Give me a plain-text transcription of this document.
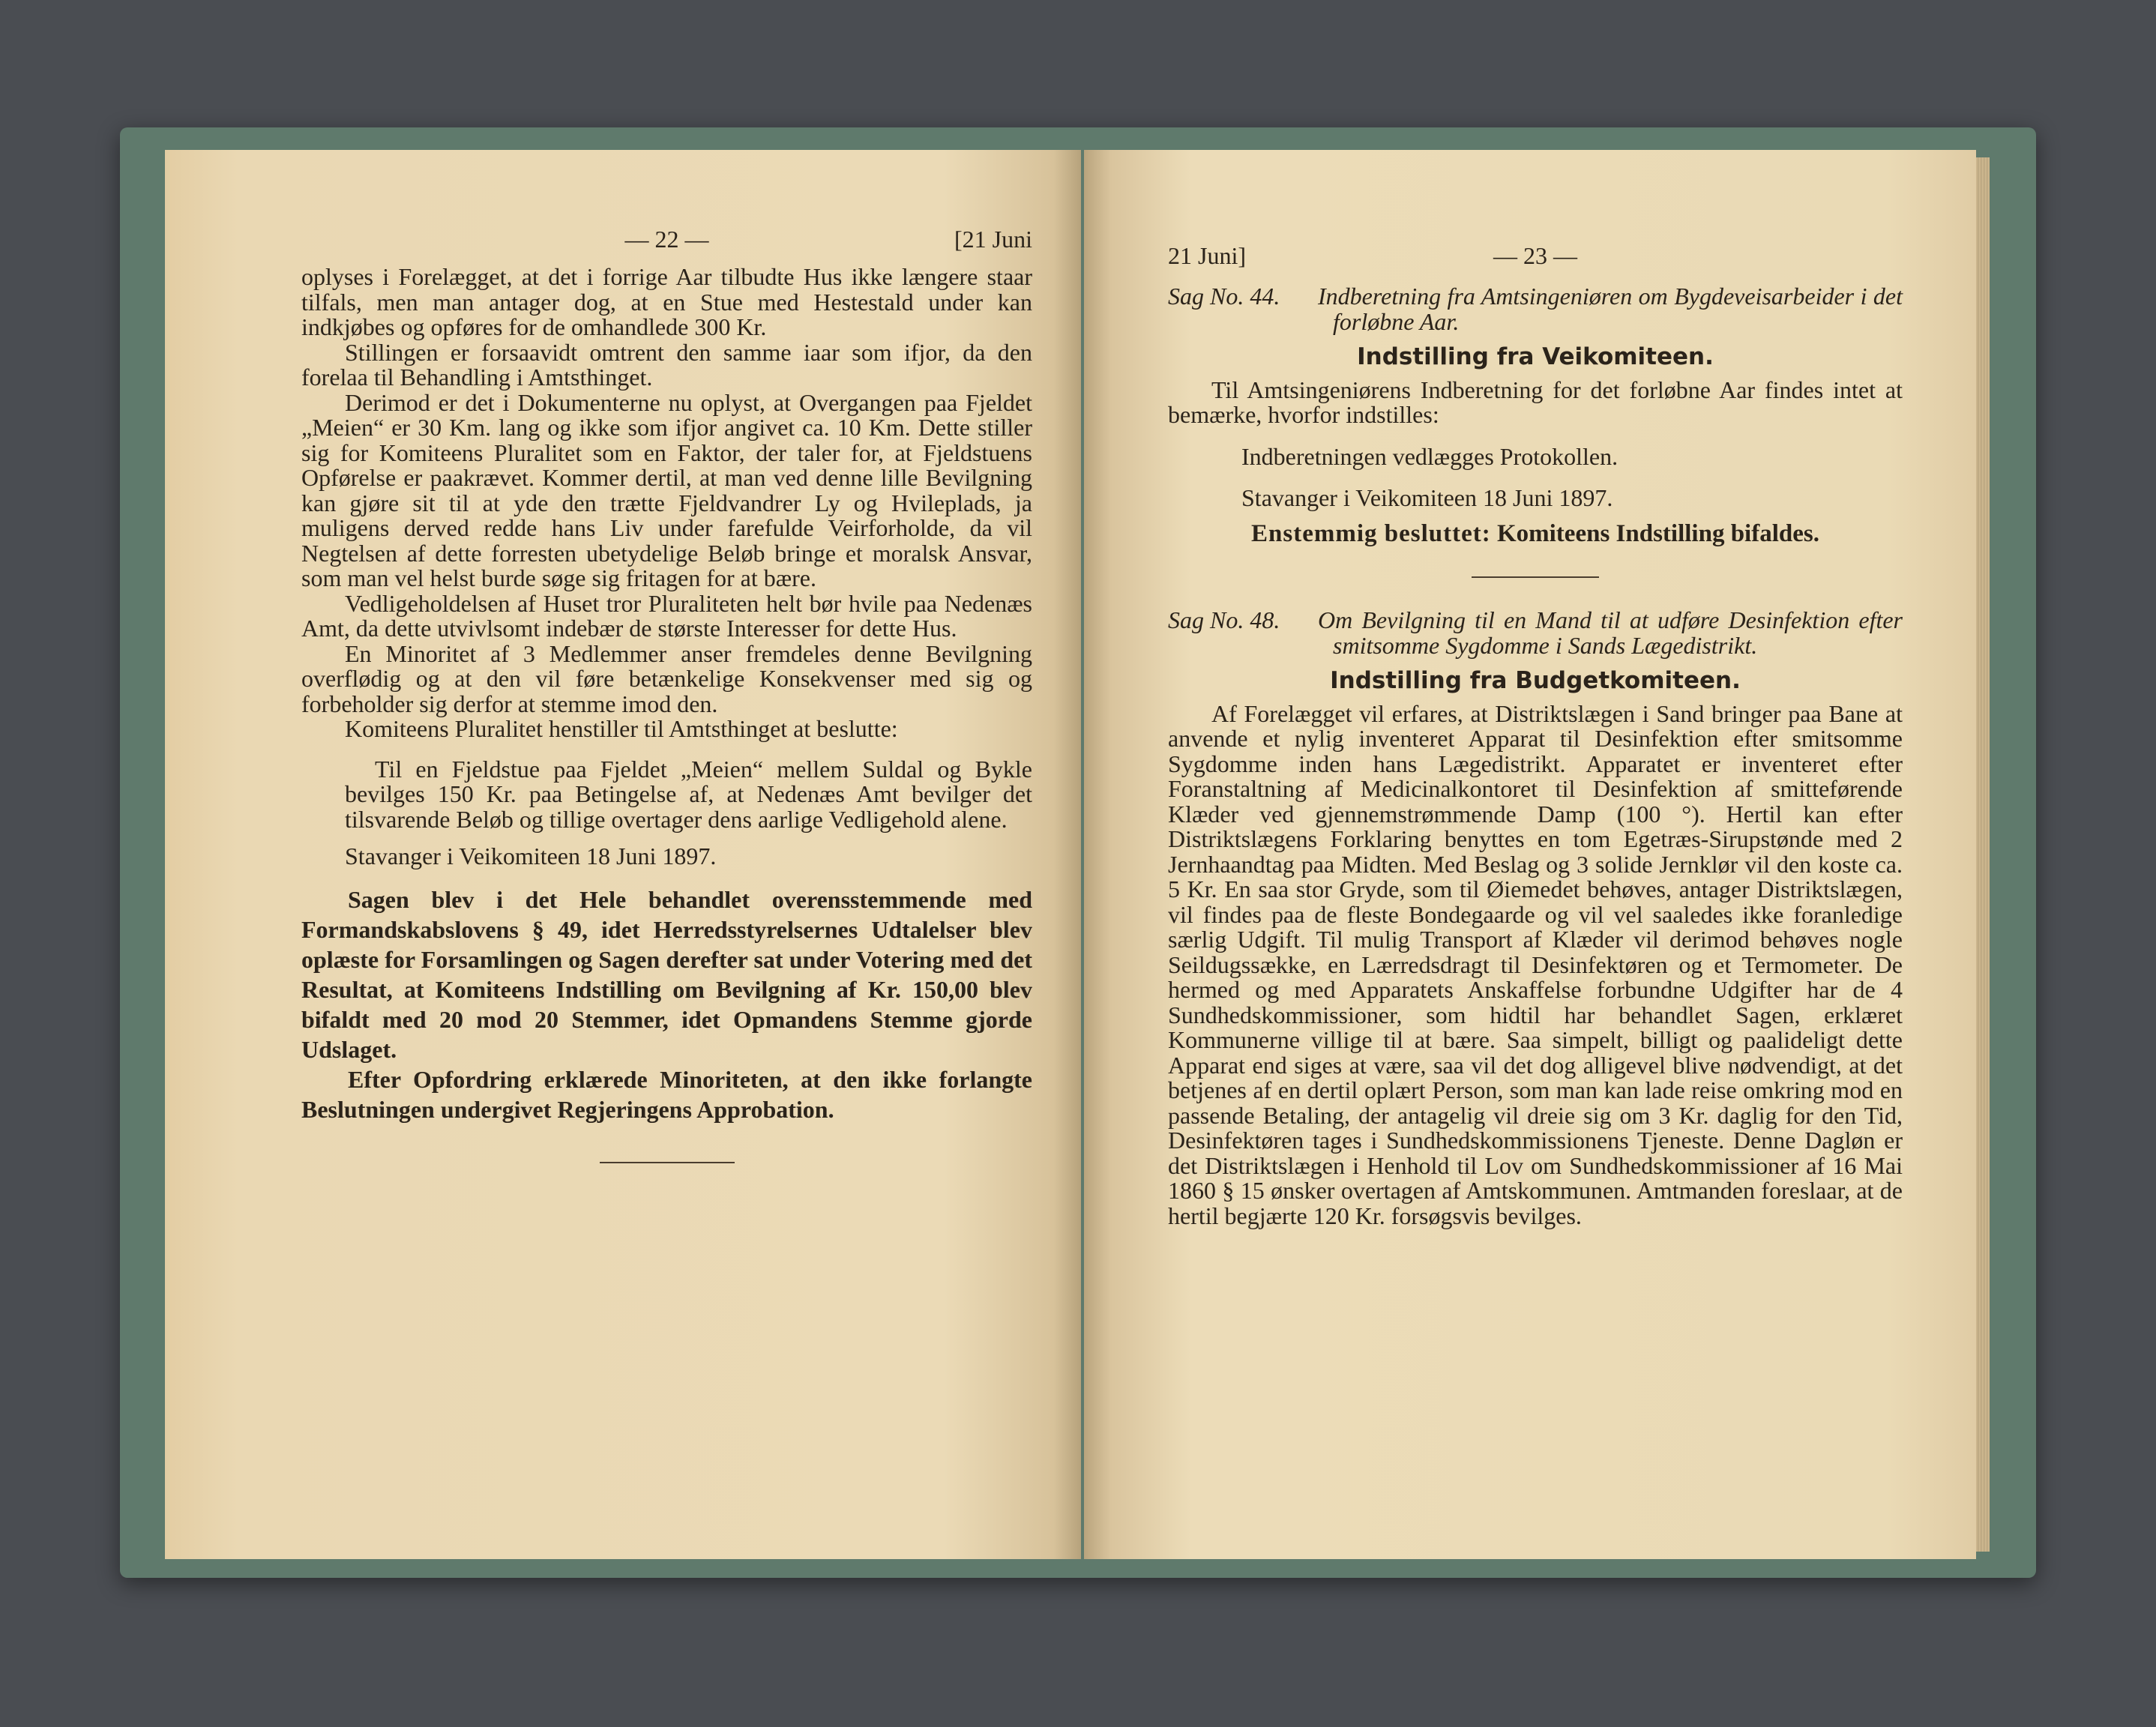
— 22 —	[21 Juni

oplyses i Forelægget, at det i forrige Aar tilbudte Hus ikke længere staar tilfals, men man antager dog, at en Stue med Hestestald under kan indkjøbes og opføres for de omhandlede 300 Kr.

Stillingen er forsaavidt omtrent den samme iaar som ifjor, da den forelaa til Behandling i Amtsthinget.

Derimod er det i Dokumenterne nu oplyst, at Overgangen paa Fjeldet „Meien“ er 30 Km. lang og ikke som ifjor angivet ca. 10 Km. Dette stiller sig for Komiteens Pluralitet som en Faktor, der taler for, at Fjeldstuens Opførelse er paakrævet. Kommer dertil, at man ved denne lille Bevilgning kan gjøre sit til at yde den trætte Fjeldvandrer Ly og Hvileplads, ja muligens derved redde hans Liv under farefulde Veirforholde, da vil Negtelsen af dette forresten ubetydelige Beløb bringe et moralsk Ansvar, som man vel helst burde søge sig fritagen for at bære.

Vedligeholdelsen af Huset tror Pluraliteten helt bør hvile paa Nedenæs Amt, da dette utvivlsomt indebær de største Interesser for dette Hus.

En Minoritet af 3 Medlemmer anser fremdeles denne Bevilgning overflødig og at den vil føre betænkelige Konsekvenser med sig og forbeholder sig derfor at stemme imod den.

Komiteens Pluralitet henstiller til Amtsthinget at beslutte:

Til en Fjeldstue paa Fjeldet „Meien“ mellem Suldal og Bykle bevilges 150 Kr. paa Betingelse af, at Nedenæs Amt bevilger det tilsvarende Beløb og tillige overtager dens aarlige Vedligehold alene.

Stavanger i Veikomiteen 18 Juni 1897.

Sagen blev i det Hele behandlet overensstemmende med Formandskabslovens § 49, idet Herredsstyrelsernes Udtalelser blev oplæste for Forsamlingen og Sagen derefter sat under Votering med det Resultat, at Komiteens Indstilling om Bevilgning af Kr. 150,00 blev bifaldt med 20 mod 20 Stemmer, idet Opmandens Stemme gjorde Udslaget.

Efter Opfordring erklærede Minoriteten, at den ikke forlangte Beslutningen undergivet Regjeringens Approbation.

21 Juni]	— 23 —
Sag No. 44.	Indberetning fra Amtsingeniøren om Bygdeveisarbeider i det forløbne Aar.
Indstilling fra Veikomiteen.

Til Amtsingeniørens Indberetning for det forløbne Aar findes intet at bemærke, hvorfor indstilles:

Indberetningen vedlægges Protokollen.

Stavanger i Veikomiteen 18 Juni 1897.

Enstemmig besluttet: Komiteens Indstilling bifaldes.
Sag No. 48.	Om Bevilgning til en Mand til at udføre Desinfektion efter smitsomme Sygdomme i Sands Lægedistrikt.
Indstilling fra Budgetkomiteen.

Af Forelægget vil erfares, at Distriktslægen i Sand bringer paa Bane at anvende et nylig inventeret Apparat til Desinfektion efter smitsomme Sygdomme inden hans Lægedistrikt. Apparatet er inventeret efter Foranstaltning af Medicinalkontoret til Desinfektion af smitteførende Klæder ved gjennemstrømmende Damp (100 °). Hertil kan efter Distriktslægens Forklaring benyttes en tom Egetræs-Sirupstønde med 2 Jernhaandtag paa Midten. Med Beslag og 3 solide Jernklør vil den koste ca. 5 Kr. En saa stor Gryde, som til Øiemedet behøves, antager Distriktslægen, vil findes paa de fleste Bondegaarde og vil vel saaledes ikke foranledige særlig Udgift. Til mulig Transport af Klæder vil derimod behøves nogle Seildugssække, en Lærredsdragt til Desinfektøren og et Termometer. De hermed og med Apparatets Anskaffelse forbundne Udgifter har de 4 Sundhedskommissioner, som hidtil har behandlet Sagen, erklæret Kommunerne villige til at bære. Saa simpelt, billigt og paalideligt dette Apparat end siges at være, saa vil det dog alligevel blive nødvendigt, at det betjenes af en dertil oplært Person, som man kan lade reise omkring mod en passende Betaling, der antagelig vil dreie sig om 3 Kr. daglig for den Tid, Desinfektøren tages i Sundhedskommissionens Tjeneste. Denne Dagløn er det Distriktslægen i Henhold til Lov om Sundhedskommissioner af 16 Mai 1860 § 15 ønsker overtagen af Amtskommunen. Amtmanden foreslaar, at de hertil begjærte 120 Kr. forsøgsvis bevilges.
